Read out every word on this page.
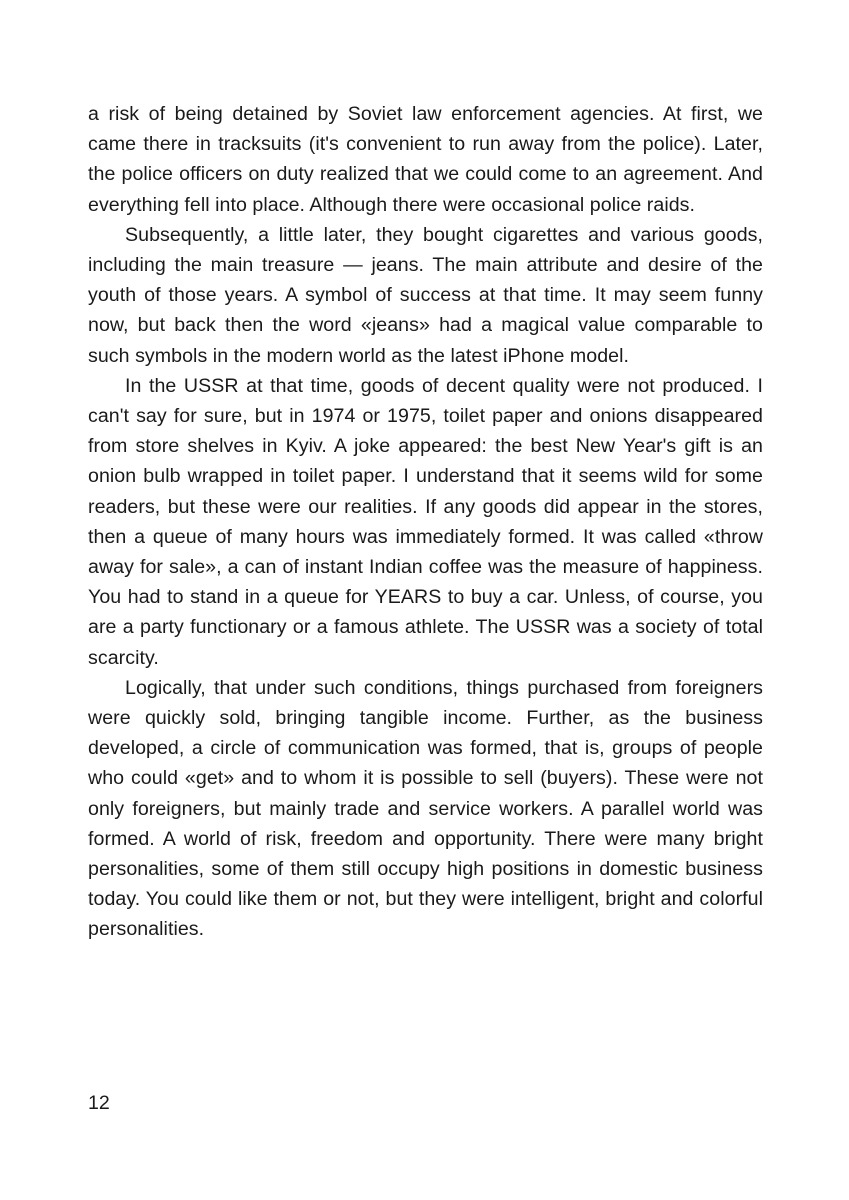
a risk of being detained by Soviet law enforcement agencies. At first, we came there in tracksuits (it's convenient to run away from the police). Later, the police officers on duty realized that we could come to an agreement. And everything fell into place. Although there were occasional police raids.

Subsequently, a little later, they bought cigarettes and various goods, including the main treasure — jeans. The main attribute and desire of the youth of those years. A symbol of success at that time. It may seem funny now, but back then the word «jeans» had a magical value comparable to such symbols in the modern world as the latest iPhone model.

In the USSR at that time, goods of decent quality were not produced. I can't say for sure, but in 1974 or 1975, toilet paper and onions disappeared from store shelves in Kyiv. A joke appeared: the best New Year's gift is an onion bulb wrapped in toilet paper. I understand that it seems wild for some readers, but these were our realities. If any goods did appear in the stores, then a queue of many hours was immediately formed. It was called «throw away for sale», a can of instant Indian coffee was the measure of happiness. You had to stand in a queue for YEARS to buy a car. Unless, of course, you are a party functionary or a famous athlete. The USSR was a society of total scarcity.

Logically, that under such conditions, things purchased from foreigners were quickly sold, bringing tangible income. Further, as the business developed, a circle of communication was formed, that is, groups of people who could «get» and to whom it is possible to sell (buyers). These were not only foreigners, but mainly trade and service workers. A parallel world was formed. A world of risk, freedom and opportunity. There were many bright personalities, some of them still occupy high positions in domestic business today. You could like them or not, but they were intelligent, bright and colorful personalities.

12
